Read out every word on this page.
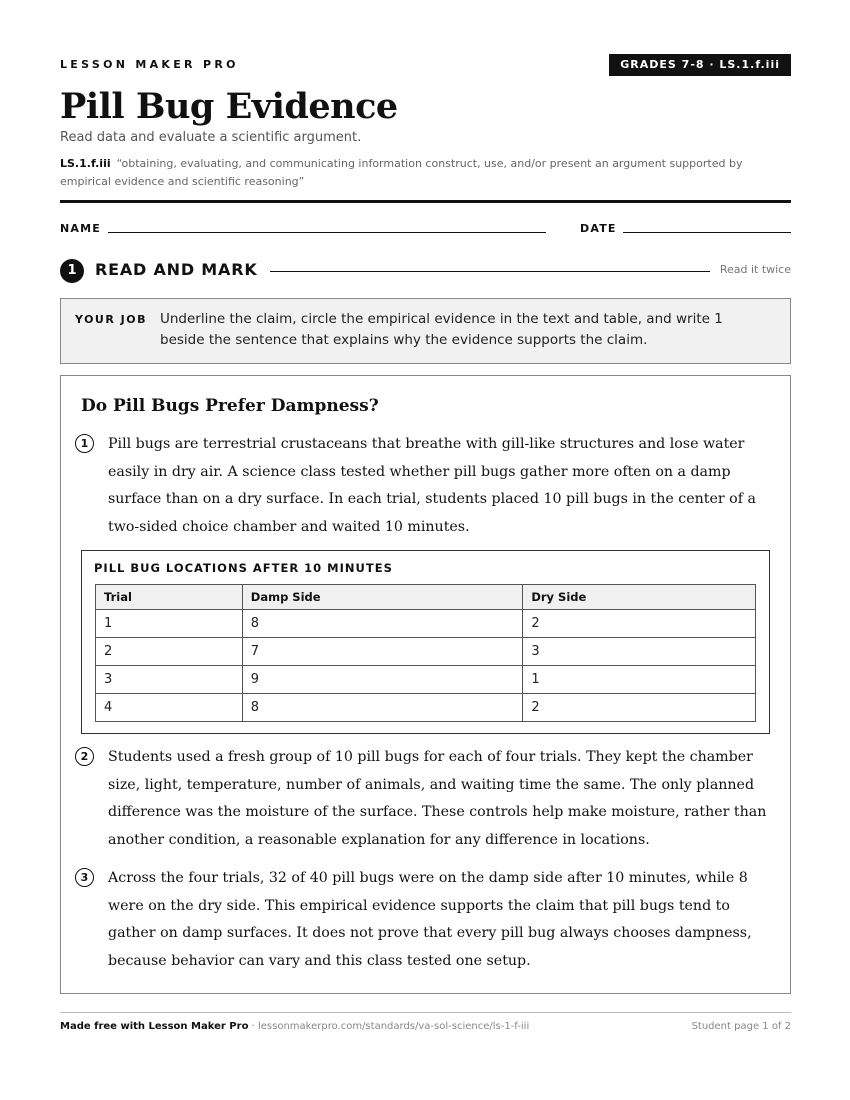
LESSON MAKER PRO	GRADES 7-8 · LS.1.f.iii
Pill Bug Evidence
Read data and evaluate a scientific argument.
LS.1.f.iii “obtaining, evaluating, and communicating information construct, use, and/or present an argument supported by empirical evidence and scientific reasoning”
NAME	DATE
1	READ AND MARK	Read it twice
YOUR JOB Underline the claim, circle the empirical evidence in the text and table, and write 1 beside the sentence that explains why the evidence supports the claim.
Do Pill Bugs Prefer Dampness?
1	Pill bugs are terrestrial crustaceans that breathe with gill-like structures and lose water easily in dry air. A science class tested whether pill bugs gather more often on a damp surface than on a dry surface. In each trial, students placed 10 pill bugs in the center of a two-sided choice chamber and waited 10 minutes.
PILL BUG LOCATIONS AFTER 10 MINUTES
Trial	Damp Side	Dry Side
1	8	2
2	7	3
3	9	1
4	8	2
2	Students used a fresh group of 10 pill bugs for each of four trials. They kept the chamber size, light, temperature, number of animals, and waiting time the same. The only planned difference was the moisture of the surface. These controls help make moisture, rather than another condition, a reasonable explanation for any difference in locations.
3	Across the four trials, 32 of 40 pill bugs were on the damp side after 10 minutes, while 8 were on the dry side. This empirical evidence supports the claim that pill bugs tend to gather on damp surfaces. It does not prove that every pill bug always chooses dampness, because behavior can vary and this class tested one setup.
Made free with Lesson Maker Pro · lessonmakerpro.com/standards/va-sol-science/ls-1-f-iii	Student page 1 of 2
